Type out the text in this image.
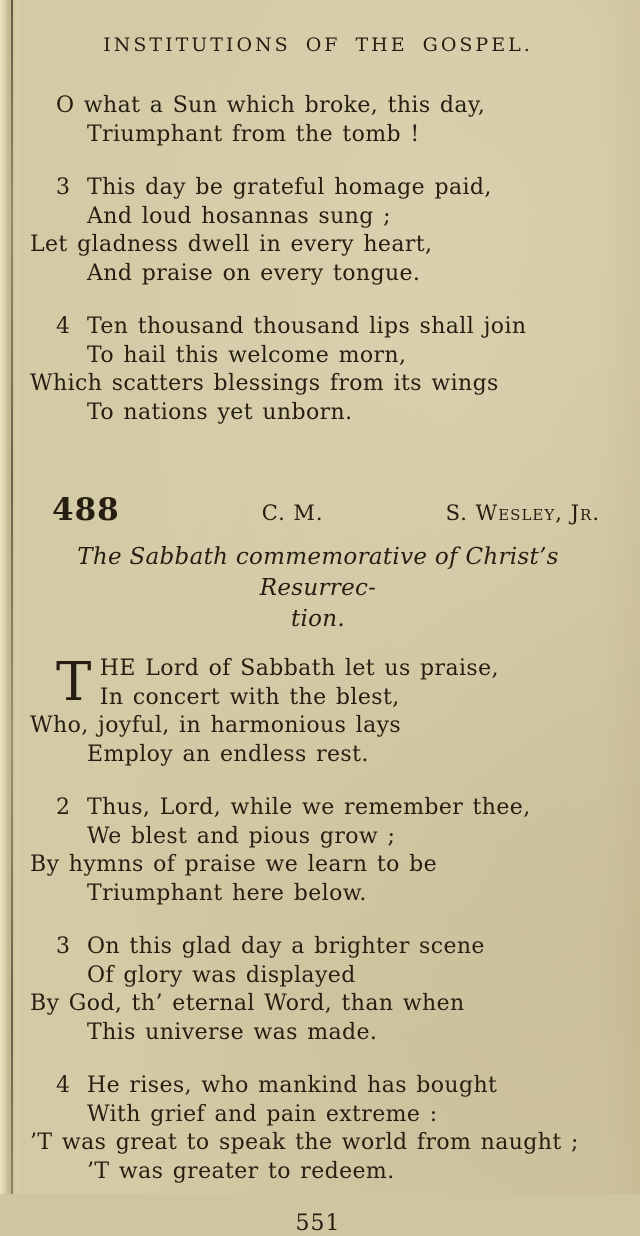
INSTITUTIONS OF THE GOSPEL.
O what a Sun which broke, this day,
Triumphant from the tomb !
3 This day be grateful homage paid,
And loud hosannas sung ;
Let gladness dwell in every heart,
And praise on every tongue.
4 Ten thousand thousand lips shall join
To hail this welcome morn,
Which scatters blessings from its wings
To nations yet unborn.
488	C. M.	S. Wesley, Jr.
The Sabbath commemorative of Christ’s Resurrec-
tion.
T HE Lord of Sabbath let us praise,
In concert with the blest,
Who, joyful, in harmonious lays
Employ an endless rest.
2 Thus, Lord, while we remember thee,
We blest and pious grow ;
By hymns of praise we learn to be
Triumphant here below.
3 On this glad day a brighter scene
Of glory was displayed
By God, th’ eternal Word, than when
This universe was made.
4 He rises, who mankind has bought
With grief and pain extreme :
’T was great to speak the world from naught ;
’T was greater to redeem.
551
